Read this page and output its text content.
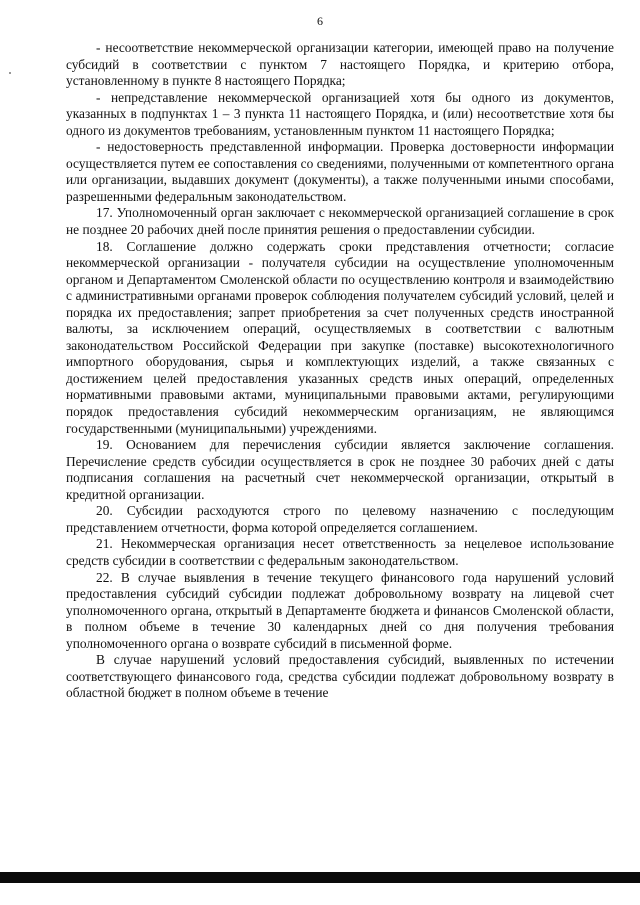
6

- несоответствие некоммерческой организации категории, имеющей право на получение субсидий в соответствии с пунктом 7 настоящего Порядка, и критерию отбора, установленному в пункте 8 настоящего Порядка;

- непредставление некоммерческой организацией хотя бы одного из документов, указанных в подпунктах 1 – 3 пункта 11 настоящего Порядка, и (или) несоответствие хотя бы одного из документов требованиям, установленным пунктом 11 настоящего Порядка;

- недостоверность представленной информации. Проверка достоверности информации осуществляется путем ее сопоставления со сведениями, полученными от компетентного органа или организации, выдавших документ (документы), а также полученными иными способами, разрешенными федеральным законодательством.

17. Уполномоченный орган заключает с некоммерческой организацией соглашение в срок не позднее 20 рабочих дней после принятия решения о предоставлении субсидии.

18. Соглашение должно содержать сроки представления отчетности; согласие некоммерческой организации - получателя субсидии на осуществление уполномоченным органом и Департаментом Смоленской области по осуществлению контроля и взаимодействию с административными органами проверок соблюдения получателем субсидий условий, целей и порядка их предоставления; запрет приобретения за счет полученных средств иностранной валюты, за исключением операций, осуществляемых в соответствии с валютным законодательством Российской Федерации при закупке (поставке) высокотехнологичного импортного оборудования, сырья и комплектующих изделий, а также связанных с достижением целей предоставления указанных средств иных операций, определенных нормативными правовыми актами, муниципальными правовыми актами, регулирующими порядок предоставления субсидий некоммерческим организациям, не являющимся государственными (муниципальными) учреждениями.

19. Основанием для перечисления субсидии является заключение соглашения. Перечисление средств субсидии осуществляется в срок не позднее 30 рабочих дней с даты подписания соглашения на расчетный счет некоммерческой организации, открытый в кредитной организации.

20. Субсидии расходуются строго по целевому назначению с последующим представлением отчетности, форма которой определяется соглашением.

21. Некоммерческая организация несет ответственность за нецелевое использование средств субсидии в соответствии с федеральным законодательством.

22. В случае выявления в течение текущего финансового года нарушений условий предоставления субсидий субсидии подлежат добровольному возврату на лицевой счет уполномоченного органа, открытый в Департаменте бюджета и финансов Смоленской области, в полном объеме в течение 30 календарных дней со дня получения требования уполномоченного органа о возврате субсидий в письменной форме.

В случае нарушений условий предоставления субсидий, выявленных по истечении соответствующего финансового года, средства субсидии подлежат добровольному возврату в областной бюджет в полном объеме в течение
